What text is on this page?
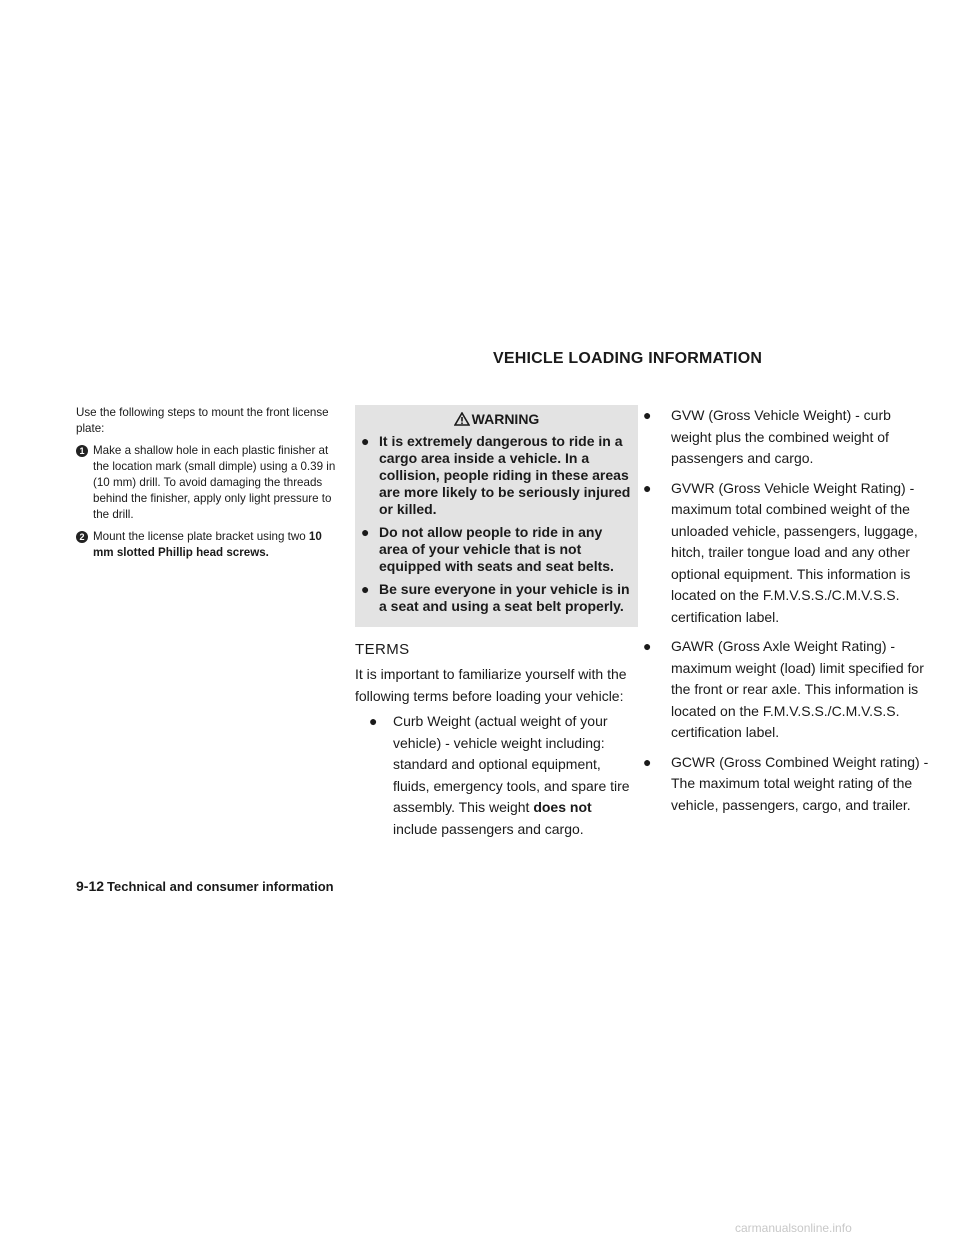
VEHICLE LOADING INFORMATION

Use the following steps to mount the front license plate:

1 Make a shallow hole in each plastic finisher at the location mark (small dimple) using a 0.39 in (10 mm) drill. To avoid damaging the threads behind the finisher, apply only light pressure to the drill.
2 Mount the license plate bracket using two 10 mm slotted Phillip head screws.
WARNING
● It is extremely dangerous to ride in a cargo area inside a vehicle. In a collision, people riding in these areas are more likely to be seriously injured or killed.
● Do not allow people to ride in any area of your vehicle that is not equipped with seats and seat belts.
● Be sure everyone in your vehicle is in a seat and using a seat belt properly.
TERMS

It is important to familiarize yourself with the following terms before loading your vehicle:

●	Curb Weight (actual weight of your vehicle) - vehicle weight including: standard and optional equipment, fluids, emergency tools, and spare tire assembly. This weight does not include passengers and cargo.
●	GVW (Gross Vehicle Weight) - curb weight plus the combined weight of passengers and cargo.
●	GVWR (Gross Vehicle Weight Rating) - maximum total combined weight of the unloaded vehicle, passengers, luggage, hitch, trailer tongue load and any other optional equipment. This information is located on the F.M.V.S.S./C.M.V.S.S. certification label.
●	GAWR (Gross Axle Weight Rating) - maximum weight (load) limit specified for the front or rear axle. This information is located on the F.M.V.S.S./C.M.V.S.S. certification label.
●	GCWR (Gross Combined Weight rating) - The maximum total weight rating of the vehicle, passengers, cargo, and trailer.
9-12 Technical and consumer information
carmanualsonline.info
